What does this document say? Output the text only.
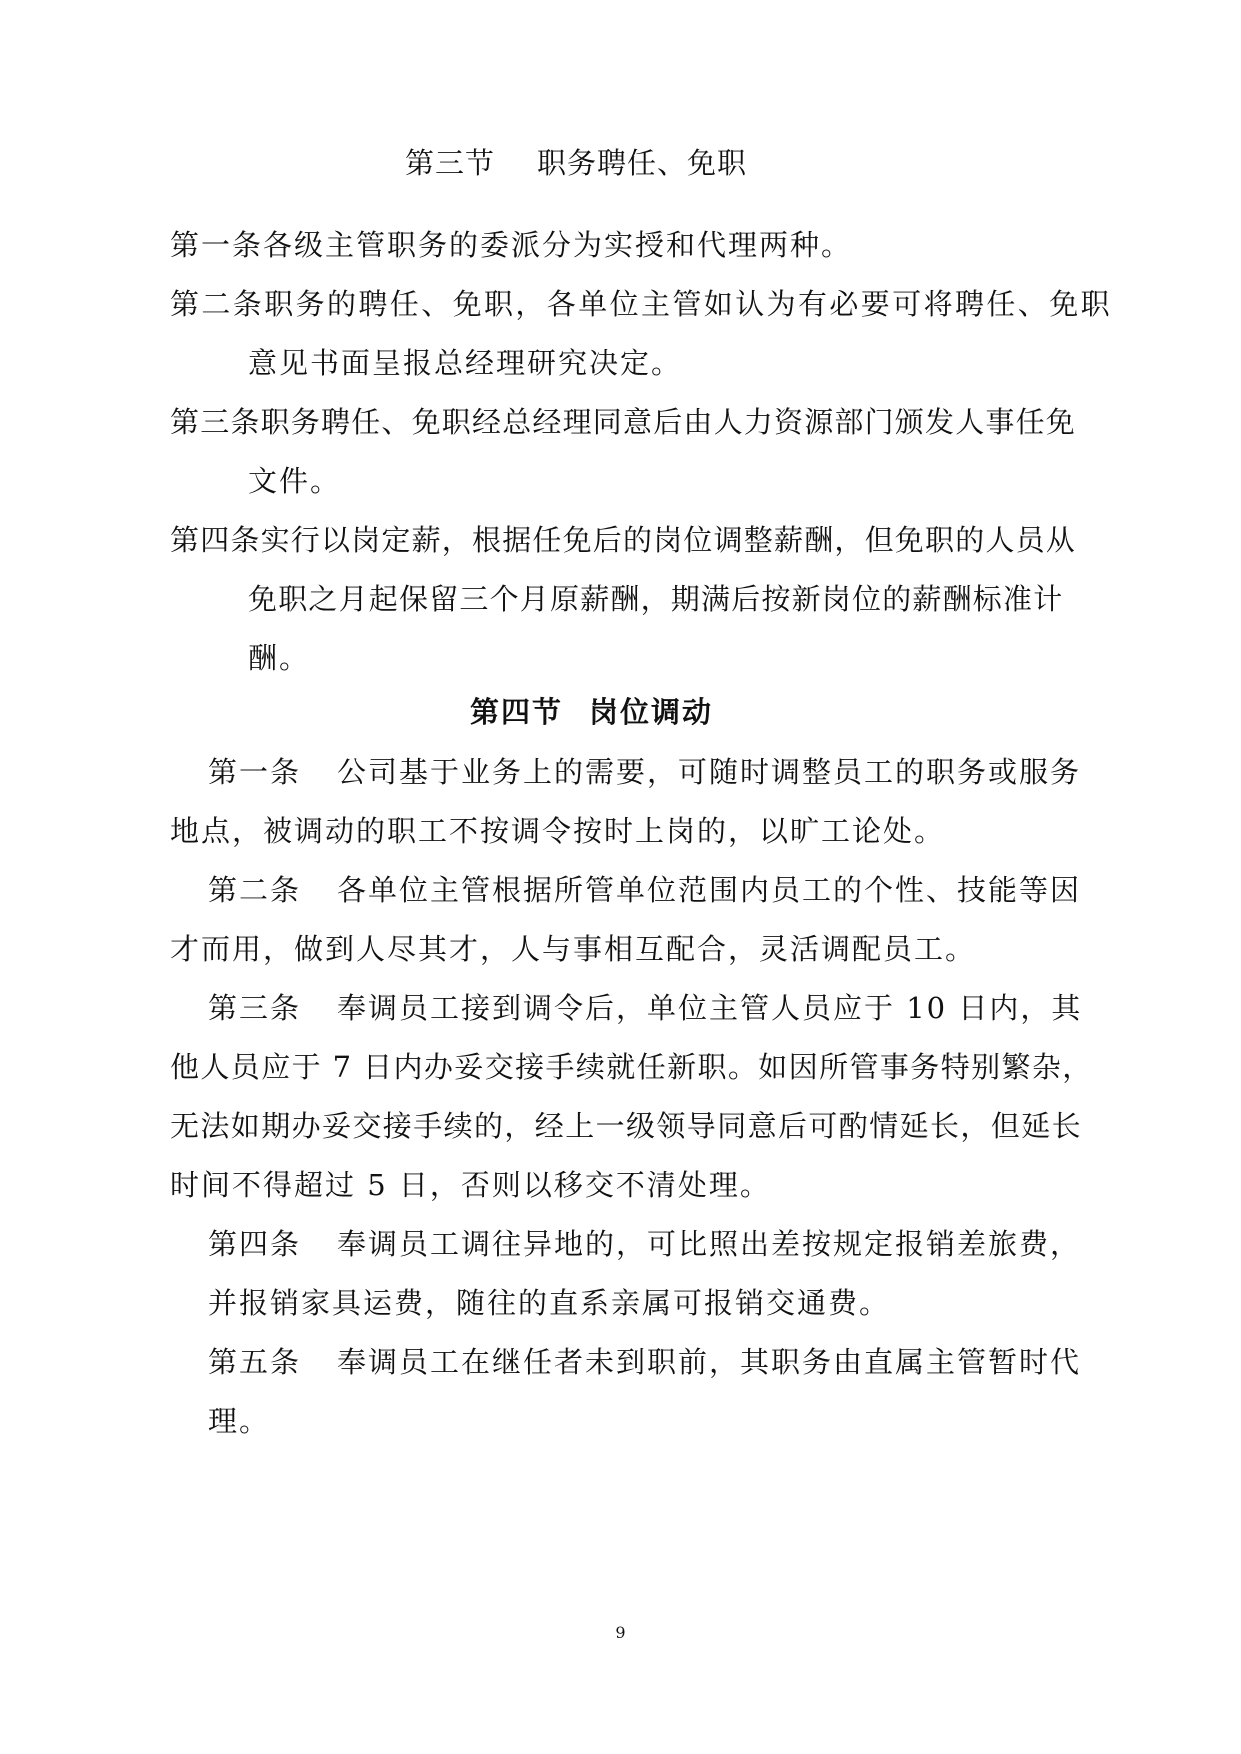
第三节 职务聘任、免职
第一条各级主管职务的委派分为实授和代理两种。
第二条职务的聘任、免职，各单位主管如认为有必要可将聘任、免职
意见书面呈报总经理研究决定。
第三条职务聘任、免职经总经理同意后由人力资源部门颁发人事任免
文件。
第四条实行以岗定薪，根据任免后的岗位调整薪酬，但免职的人员从
免职之月起保留三个月原薪酬，期满后按新岗位的薪酬标准计
酬。
第四节 岗位调动
第一条 公司基于业务上的需要，可随时调整员工的职务或服务
地点，被调动的职工不按调令按时上岗的，以旷工论处。
第二条 各单位主管根据所管单位范围内员工的个性、技能等因
才而用，做到人尽其才，人与事相互配合，灵活调配员工。
第三条 奉调员工接到调令后，单位主管人员应于 10 日内，其
他人员应于 7 日内办妥交接手续就任新职。如因所管事务特别繁杂，
无法如期办妥交接手续的，经上一级领导同意后可酌情延长，但延长
时间不得超过 5 日，否则以移交不清处理。
第四条 奉调员工调往异地的，可比照出差按规定报销差旅费，
并报销家具运费，随往的直系亲属可报销交通费。
第五条 奉调员工在继任者未到职前，其职务由直属主管暂时代
理。
9
